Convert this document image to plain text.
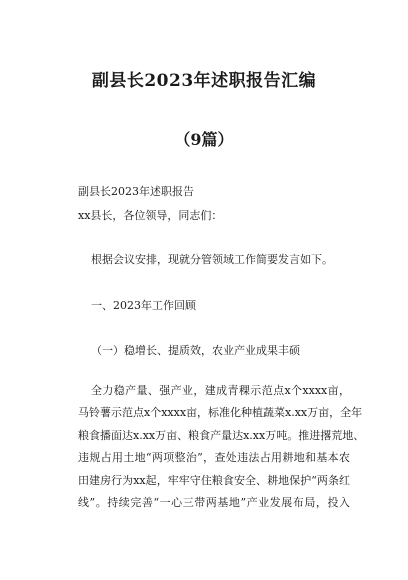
副县长2023年述职报告汇编
（9篇）
副县长2023年述职报告
xx县长，各位领导，同志们：
根据会议安排，现就分管领域工作简要发言如下。
一、2023年工作回顾
（一）稳增长、提质效，农业产业成果丰硕
全力稳产量、强产业，建成青稞示范点x个xxxx亩，
马铃薯示范点x个xxxx亩，标准化种植蔬菜x.xx万亩，全年
粮食播面达x.xx万亩、粮食产量达x.xx万吨。推进撂荒地、
违规占用土地“两项整治”，查处违法占用耕地和基本农
田建房行为xx起，牢牢守住粮食安全、耕地保护“两条红
线”。持续完善“一心三带两基地”产业发展布局，投入
